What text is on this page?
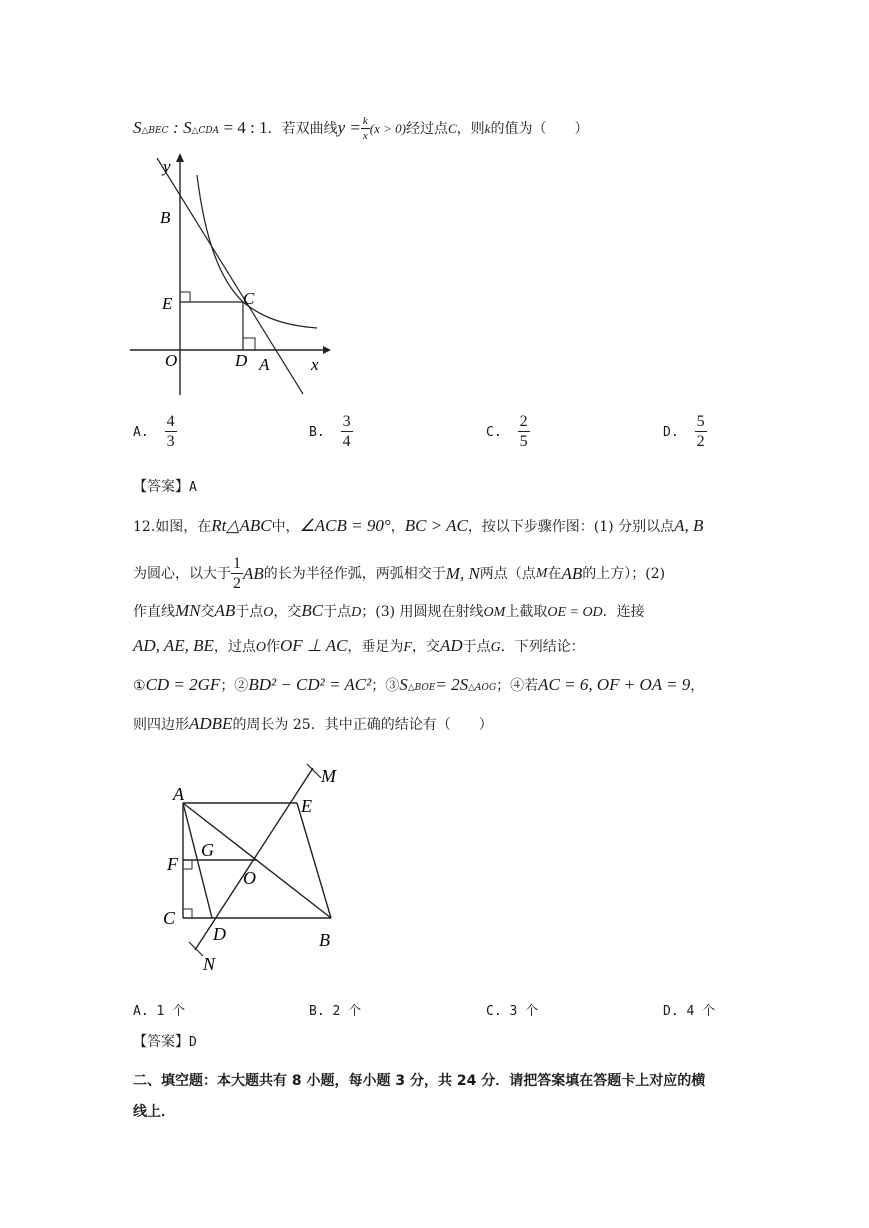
S△BEC : S△CDA = 4 : 1．若双曲线$y = \frac{k}{x} (x > 0)$经过点C，则k的值为（　　）
y
B
E	C
O	D A x
A. $\frac{4}{3}$	B. $\frac{3}{4}$	C. $\frac{2}{5}$	D. $\frac{5}{2}$
【答案】A
12.如图，在Rt△ABC中，∠ACB = 90°，BC > AC，按以下步骤作图：(1) 分别以点A, B
为圆心，以大于 $\frac{1}{2}$ AB 的长为半径作弧，两弧相交于 M, N 两点（点 M 在 AB 的上方）；(2)
作直线MN交AB于点O，交BC于点D；(3) 用圆规在射线OM上截取OE = OD．连接
AD, AE, BE，过点O作OF ⊥ AC，垂足为F，交AD于点G．下列结论：
①CD = 2GF；②BD² − CD² = AC²；③S△BOE= 2S△AOG；④若AC = 6, OF + OA = 9，
则四边形ADBE的周长为 25．其中正确的结论有（　　）
A
E
M
F
G
O
C
D	B
N
A. 1 个	B. 2 个	C. 3 个	D. 4 个
【答案】D
二、填空题：本大题共有 8 小题，每小题 3 分，共 24 分．请把答案填在答题卡上对应的横
线上．
